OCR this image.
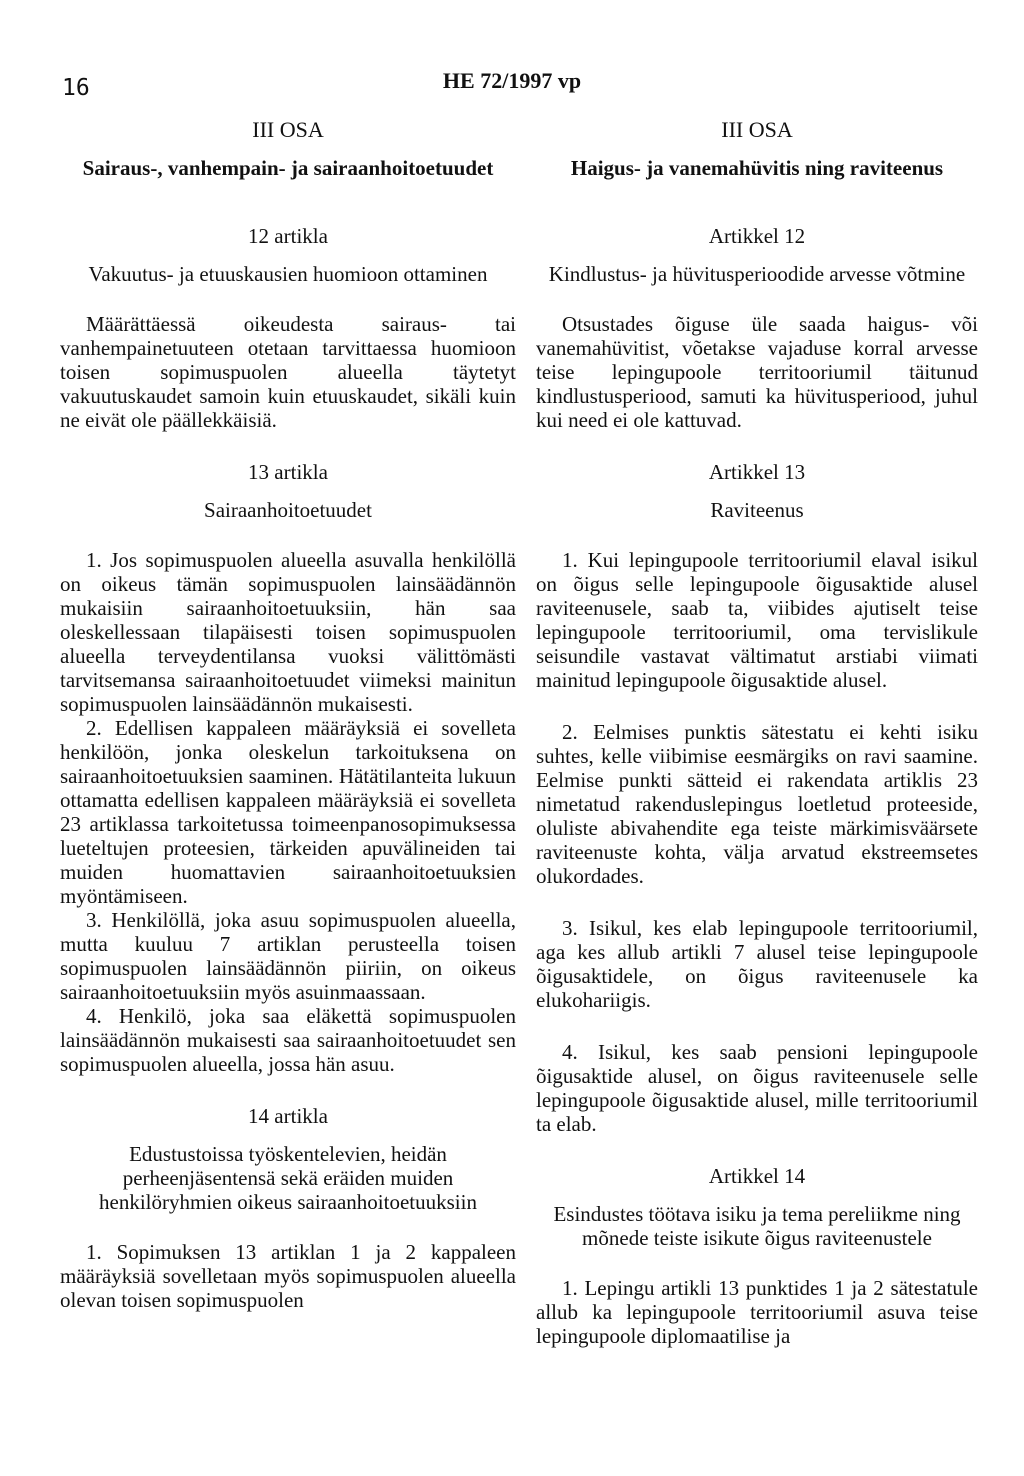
16	HE 72/1997 vp
III OSA
Sairaus-, vanhempain- ja sairaanhoitoetuudet
12 artikla
Vakuutus- ja etuuskausien huomioon ottaminen

Määrättäessä oikeudesta sairaus- tai vanhempainetuuteen otetaan tarvittaessa huomioon toisen sopimuspuolen alueella täytetyt vakuutuskaudet samoin kuin etuuskaudet, sikäli kuin ne eivät ole päällekkäisiä.

13 artikla
Sairaanhoitoetuudet

1. Jos sopimuspuolen alueella asuvalla henkilöllä on oikeus tämän sopimuspuolen lainsäädännön mukaisiin sairaanhoitoetuuksiin, hän saa oleskellessaan tilapäisesti toisen sopimuspuolen alueella terveydentilansa vuoksi välittömästi tarvitsemansa sairaanhoitoetuudet viimeksi mainitun sopimuspuolen lainsäädännön mukaisesti.

2. Edellisen kappaleen määräyksiä ei sovelleta henkilöön, jonka oleskelun tarkoituksena on sairaanhoitoetuuksien saaminen. Hätätilanteita lukuun ottamatta edellisen kappaleen määräyksiä ei sovelleta 23 artiklassa tarkoitetussa toimeenpanosopimuksessa lueteltujen proteesien, tärkeiden apuvälineiden tai muiden huomattavien sairaanhoitoetuuksien myöntämiseen.

3. Henkilöllä, joka asuu sopimuspuolen alueella, mutta kuuluu 7 artiklan perusteella toisen sopimuspuolen lainsäädännön piiriin, on oikeus sairaanhoitoetuuksiin myös asuinmaassaan.

4. Henkilö, joka saa eläkettä sopimuspuolen lainsäädännön mukaisesti saa sairaanhoitoetuudet sen sopimuspuolen alueella, jossa hän asuu.

14 artikla
Edustustoissa työskentelevien, heidän perheenjäsentensä sekä eräiden muiden henkilöryhmien oikeus sairaanhoitoetuuksiin

1. Sopimuksen 13 artiklan 1 ja 2 kappaleen määräyksiä sovelletaan myös sopimuspuolen alueella olevan toisen sopimuspuolen

III OSA
Haigus- ja vanemahüvitis ning raviteenus
Artikkel 12
Kindlustus- ja hüvitusperioodide arvesse võtmine

Otsustades õiguse üle saada haigus- või vanemahüvitist, võetakse vajaduse korral arvesse teise lepingupoole territooriumil täitunud kindlustusperiood, samuti ka hüvitusperiood, juhul kui need ei ole kattuvad.

Artikkel 13
Raviteenus

1. Kui lepingupoole territooriumil elaval isikul on õigus selle lepingupoole õigusaktide alusel raviteenusele, saab ta, viibides ajutiselt teise lepingupoole territooriumil, oma tervislikule seisundile vastavat vältimatut arstiabi viimati mainitud lepingupoole õigusaktide alusel.

2. Eelmises punktis sätestatu ei kehti isiku suhtes, kelle viibimise eesmärgiks on ravi saamine. Eelmise punkti sätteid ei rakendata artiklis 23 nimetatud rakenduslepingus loetletud proteeside, oluliste abivahendite ega teiste märkimisväärsete raviteenuste kohta, välja arvatud ekstreemsetes olukordades.

3. Isikul, kes elab lepingupoole territooriumil, aga kes allub artikli 7 alusel teise lepingupoole õigusaktidele, on õigus raviteenusele ka elukohariigis.

4. Isikul, kes saab pensioni lepingupoole õigusaktide alusel, on õigus raviteenusele selle lepingupoole õigusaktide alusel, mille territooriumil ta elab.

Artikkel 14
Esindustes töötava isiku ja tema pereliikme ning mõnede teiste isikute õigus raviteenustele

1. Lepingu artikli 13 punktides 1 ja 2 sätestatule allub ka lepingupoole territooriumil asuva teise lepingupoole diplomaatilise ja
